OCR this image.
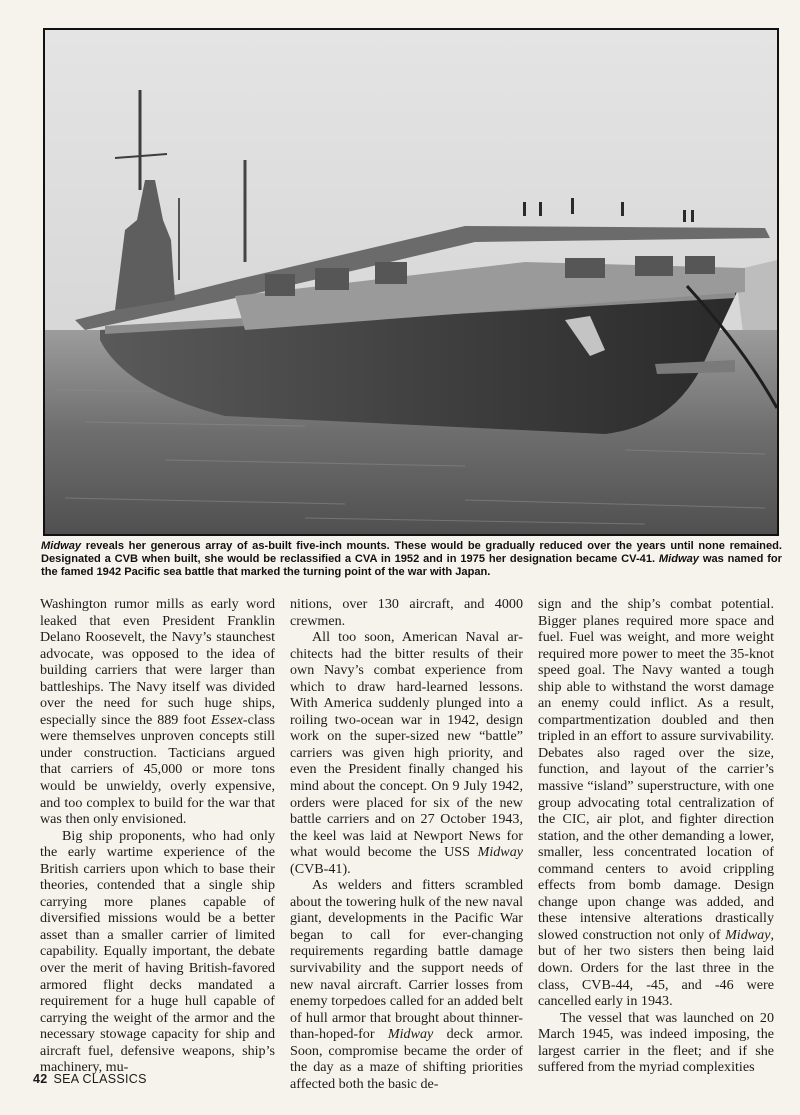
Midway reveals her generous array of as-built five-inch mounts. These would be gradually reduced over the years until none remained. Designated a CVB when built, she would be reclassified a CVA in 1952 and in 1975 her designation became CV-41. Midway was named for the famed 1942 Pacific sea battle that marked the turning point of the war with Japan.

Washington rumor mills as early word leaked that even President Franklin Delano Roosevelt, the Navy’s staunchest advocate, was opposed to the idea of building carriers that were larger than battleships. The Navy itself was divided over the need for such huge ships, especially since the 889 foot Essex-class were themselves unproven concepts still under construction. Tacticians argued that carriers of 45,000 or more tons would be unwieldy, overly expensive, and too complex to build for the war that was then only envisioned.

Big ship proponents, who had only the early wartime experience of the British carriers upon which to base their theories, contended that a single ship carrying more planes capable of diversified missions would be a better asset than a smaller carrier of limited capability. Equally important, the debate over the merit of having British-favored armored flight decks mandated a requirement for a huge hull capable of carrying the weight of the armor and the necessary stowage capacity for ship and aircraft fuel, defensive weapons, ship’s machinery, mu-

nitions, over 130 aircraft, and 4000 crewmen.

All too soon, American Naval architects had the bitter results of their own Navy’s combat experience from which to draw hard-learned lessons. With America suddenly plunged into a roiling two-ocean war in 1942, design work on the super-sized new “battle” carriers was given high priority, and even the President finally changed his mind about the concept. On 9 July 1942, orders were placed for six of the new battle carriers and on 27 October 1943, the keel was laid at Newport News for what would become the USS Midway (CVB-41).

As welders and fitters scrambled about the towering hulk of the new naval giant, developments in the Pacific War began to call for ever-changing requirements regarding battle damage survivability and the support needs of new naval aircraft. Carrier losses from enemy torpedoes called for an added belt of hull armor that brought about thinner-than-hoped-for Midway deck armor. Soon, compromise became the order of the day as a maze of shifting priorities affected both the basic de-

sign and the ship’s combat potential. Bigger planes required more space and fuel. Fuel was weight, and more weight required more power to meet the 35-knot speed goal. The Navy wanted a tough ship able to withstand the worst damage an enemy could inflict. As a result, compartmentization doubled and then tripled in an effort to assure survivability. Debates also raged over the size, function, and layout of the carrier’s massive “island” superstructure, with one group advocating total centralization of the CIC, air plot, and fighter direction station, and the other demanding a lower, smaller, less concentrated location of command centers to avoid crippling effects from bomb damage. Design change upon change was added, and these intensive alterations drastically slowed construction not only of Midway, but of her two sisters then being laid down. Orders for the last three in the class, CVB-44, -45, and -46 were cancelled early in 1943.

The vessel that was launched on 20 March 1945, was indeed imposing, the largest carrier in the fleet; and if she suffered from the myriad complexities

42 SEA CLASSICS
